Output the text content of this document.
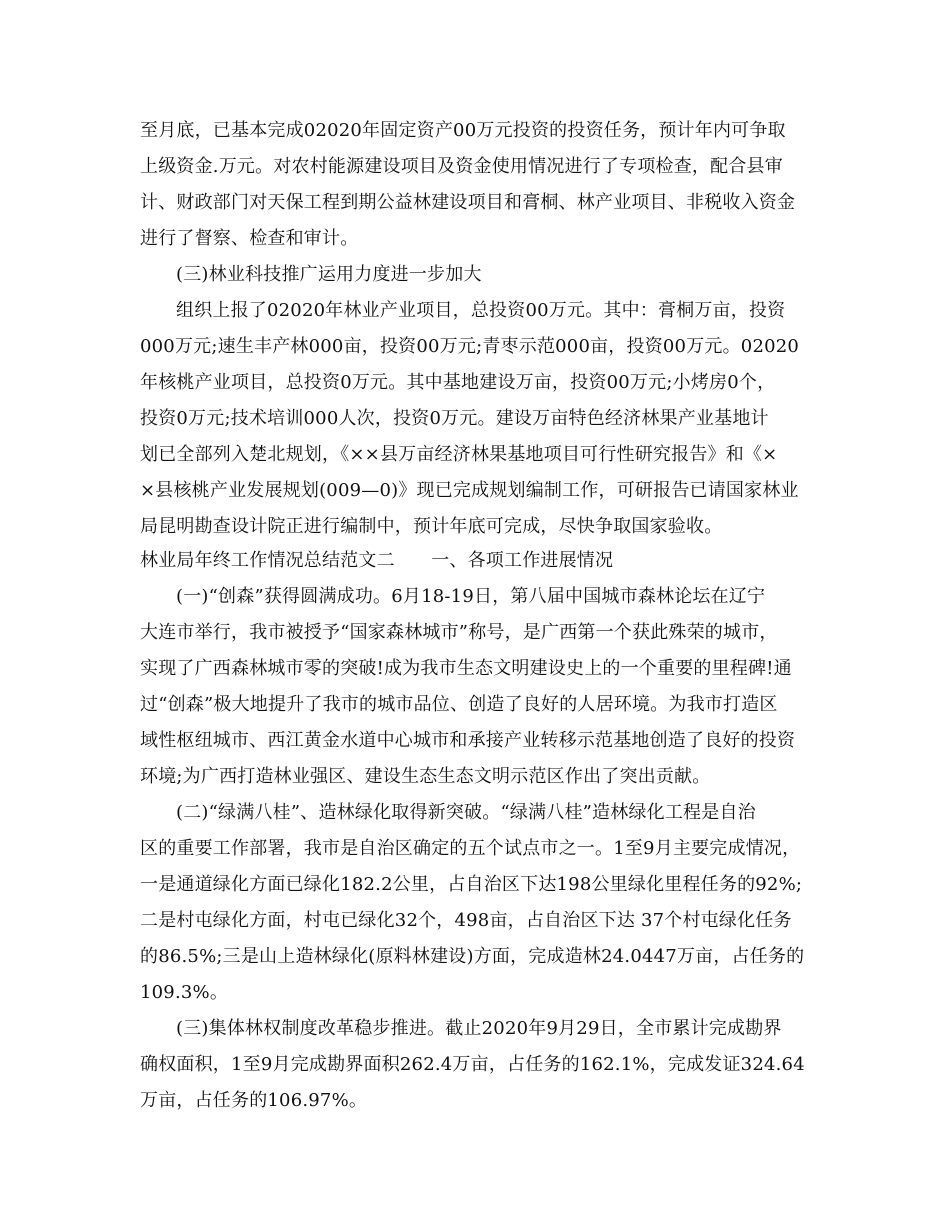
至月底，已基本完成02020年固定资产00万元投资的投资任务，预计年内可争取
上级资金.万元。对农村能源建设项目及资金使用情况进行了专项检查，配合县审
计、财政部门对天保工程到期公益林建设项目和膏桐、林产业项目、非税收入资金
进行了督察、检查和审计。
(三)林业科技推广运用力度进一步加大
组织上报了02020年林业产业项目，总投资00万元。其中：膏桐万亩，投资
000万元;速生丰产林000亩，投资00万元;青枣示范000亩，投资00万元。02020
年核桃产业项目，总投资0万元。其中基地建设万亩，投资00万元;小烤房0个，
投资0万元;技术培训000人次，投资0万元。建设万亩特色经济林果产业基地计
划已全部列入楚北规划，《××县万亩经济林果基地项目可行性研究报告》和《×
×县核桃产业发展规划(009—0)》现已完成规划编制工作，可研报告已请国家林业
局昆明勘查设计院正进行编制中，预计年底可完成，尽快争取国家验收。
林业局年终工作情况总结范文二　　一、各项工作进展情况
(一)“创森”获得圆满成功。6月18-19日，第八届中国城市森林论坛在辽宁
大连市举行，我市被授予“国家森林城市”称号，是广西第一个获此殊荣的城市，
实现了广西森林城市零的突破!成为我市生态文明建设史上的一个重要的里程碑!通
过“创森”极大地提升了我市的城市品位、创造了良好的人居环境。为我市打造区
域性枢纽城市、西江黄金水道中心城市和承接产业转移示范基地创造了良好的投资
环境;为广西打造林业强区、建设生态生态文明示范区作出了突出贡献。
(二)“绿满八桂”、造林绿化取得新突破。“绿满八桂”造林绿化工程是自治
区的重要工作部署，我市是自治区确定的五个试点市之一。1至9月主要完成情况，
一是通道绿化方面已绿化182.2公里，占自治区下达198公里绿化里程任务的92%;
二是村屯绿化方面，村屯已绿化32个，498亩，占自治区下达 37个村屯绿化任务
的86.5%;三是山上造林绿化(原料林建设)方面，完成造林24.0447万亩，占任务的
109.3%。
(三)集体林权制度改革稳步推进。截止2020年9月29日，全市累计完成勘界
确权面积，1至9月完成勘界面积262.4万亩，占任务的162.1%，完成发证324.64
万亩，占任务的106.97%。
